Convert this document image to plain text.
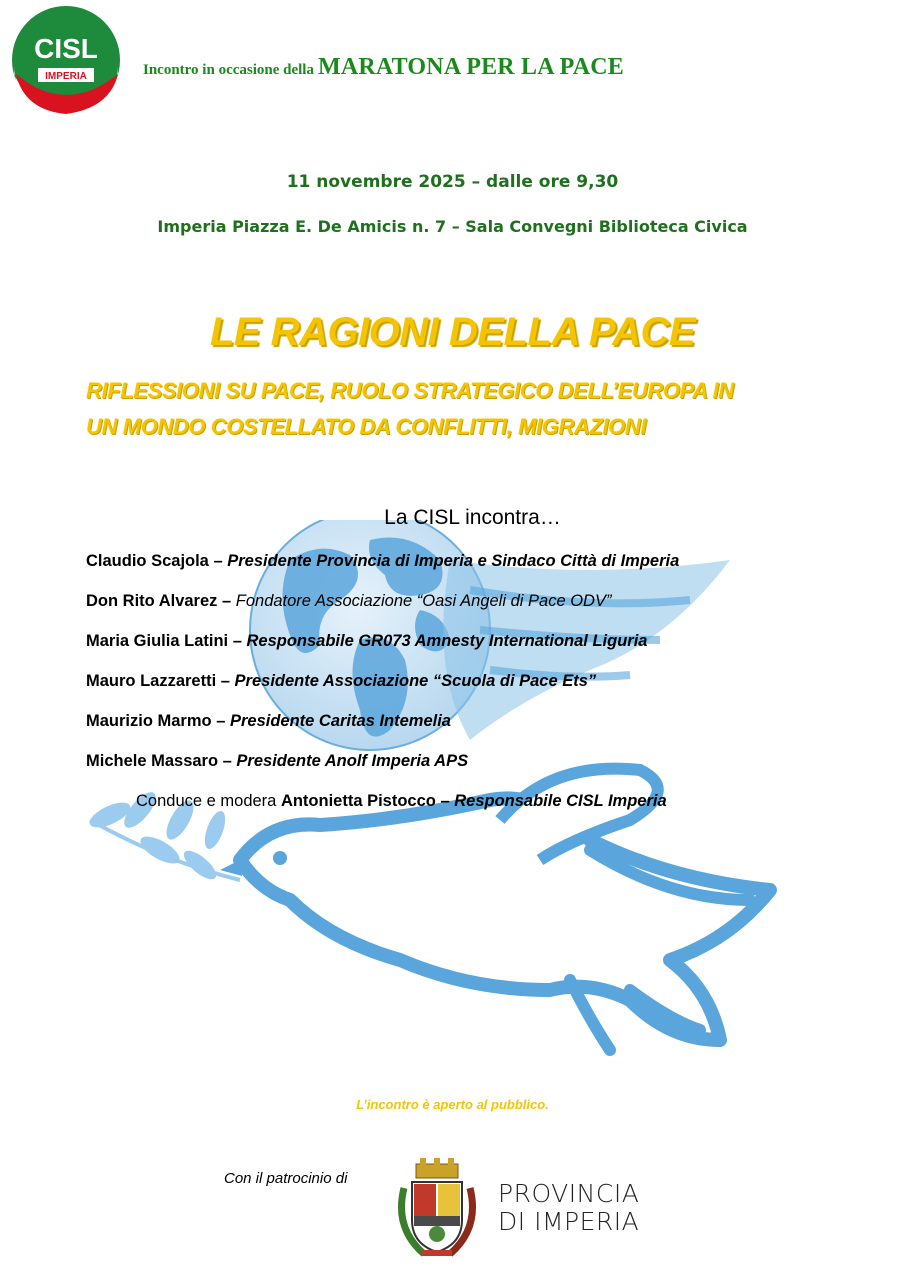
CISL
IMPERIA	Incontro in occasione della MARATONA PER LA PACE
11 novembre 2025 – dalle ore 9,30
Imperia Piazza E. De Amicis n. 7 – Sala Convegni Biblioteca Civica
LE RAGIONI DELLA PACE
RIFLESSIONI SU PACE, RUOLO STRATEGICO DELL’EUROPA IN
UN MONDO COSTELLATO DA CONFLITTI, MIGRAZIONI
La CISL incontra…
Claudio Scajola – Presidente Provincia di Imperia e Sindaco Città di Imperia
Don Rito Alvarez – Fondatore Associazione “Oasi Angeli di Pace ODV”
Maria Giulia Latini – Responsabile GR073 Amnesty International Liguria
Mauro Lazzaretti – Presidente Associazione “Scuola di Pace Ets”
Maurizio Marmo – Presidente Caritas Intemelia
Michele Massaro – Presidente Anolf Imperia APS
Conduce e modera Antonietta Pistocco – Responsabile CISL Imperia
L’incontro è aperto al pubblico.
Con il patrocinio di
PROVINCIA
DI IMPERIA
